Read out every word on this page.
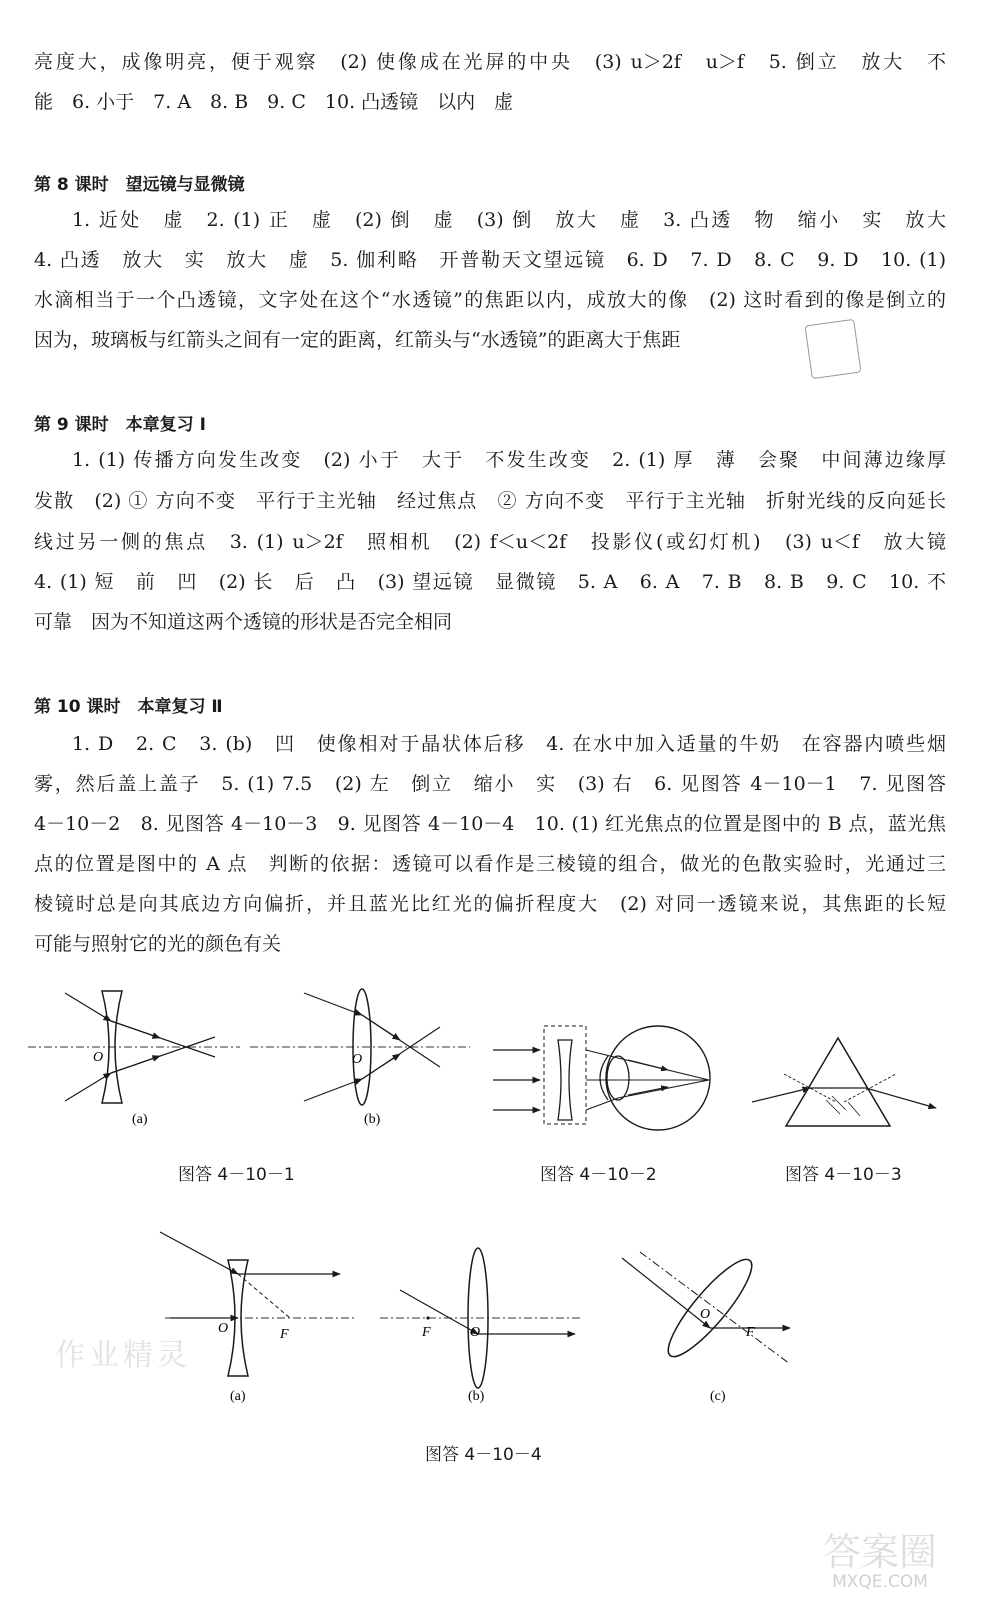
亮度大，成像明亮，便于观察　(2) 使像成在光屏的中央　(3) u＞2f　u＞f　5. 倒立　放大　不
能　6. 小于　7. A　8. B　9. C　10. 凸透镜　以内　虚
第 8 课时　望远镜与显微镜
1. 近处　虚　2. (1) 正　虚　(2) 倒　虚　(3) 倒　放大　虚　3. 凸透　物　缩小　实　放大
4. 凸透　放大　实　放大　虚　5. 伽利略　开普勒天文望远镜　6. D　7. D　8. C　9. D　10. (1)
水滴相当于一个凸透镜，文字处在这个“水透镜”的焦距以内，成放大的像　(2) 这时看到的像是倒立的
因为，玻璃板与红箭头之间有一定的距离，红箭头与“水透镜”的距离大于焦距
第 9 课时　本章复习 Ⅰ
1. (1) 传播方向发生改变　(2) 小于　大于　不发生改变　2. (1) 厚　薄　会聚　中间薄边缘厚
发散　(2) ① 方向不变　平行于主光轴　经过焦点　② 方向不变　平行于主光轴　折射光线的反向延长
线过另一侧的焦点　3. (1) u＞2f　照相机　(2) f＜u＜2f　投影仪(或幻灯机)　(3) u＜f　放大镜
4. (1) 短　前　凹　(2) 长　后　凸　(3) 望远镜　显微镜　5. A　6. A　7. B　8. B　9. C　10. 不
可靠　因为不知道这两个透镜的形状是否完全相同
第 10 课时　本章复习 Ⅱ
1. D　2. C　3. (b)　凹　使像相对于晶状体后移　4. 在水中加入适量的牛奶　在容器内喷些烟
雾，然后盖上盖子　5. (1) 7.5　(2) 左　倒立　缩小　实　(3) 右　6. 见图答 4－10－1　7. 见图答
4－10－2　8. 见图答 4－10－3　9. 见图答 4－10－4　10. (1) 红光焦点的位置是图中的 B 点，蓝光焦
点的位置是图中的 A 点　判断的依据：透镜可以看作是三棱镜的组合，做光的色散实验时，光通过三
棱镜时总是向其底边方向偏折，并且蓝光比红光的偏折程度大　(2) 对同一透镜来说，其焦距的长短
可能与照射它的光的颜色有关
O
(a)
O
(b)
图答 4－10－1	图答 4－10－2	图答 4－10－3
O	F
(a)
F	O
(b)
O
F
(c)
图答 4－10－4
作业精灵
答案圈
MXQE.COM
